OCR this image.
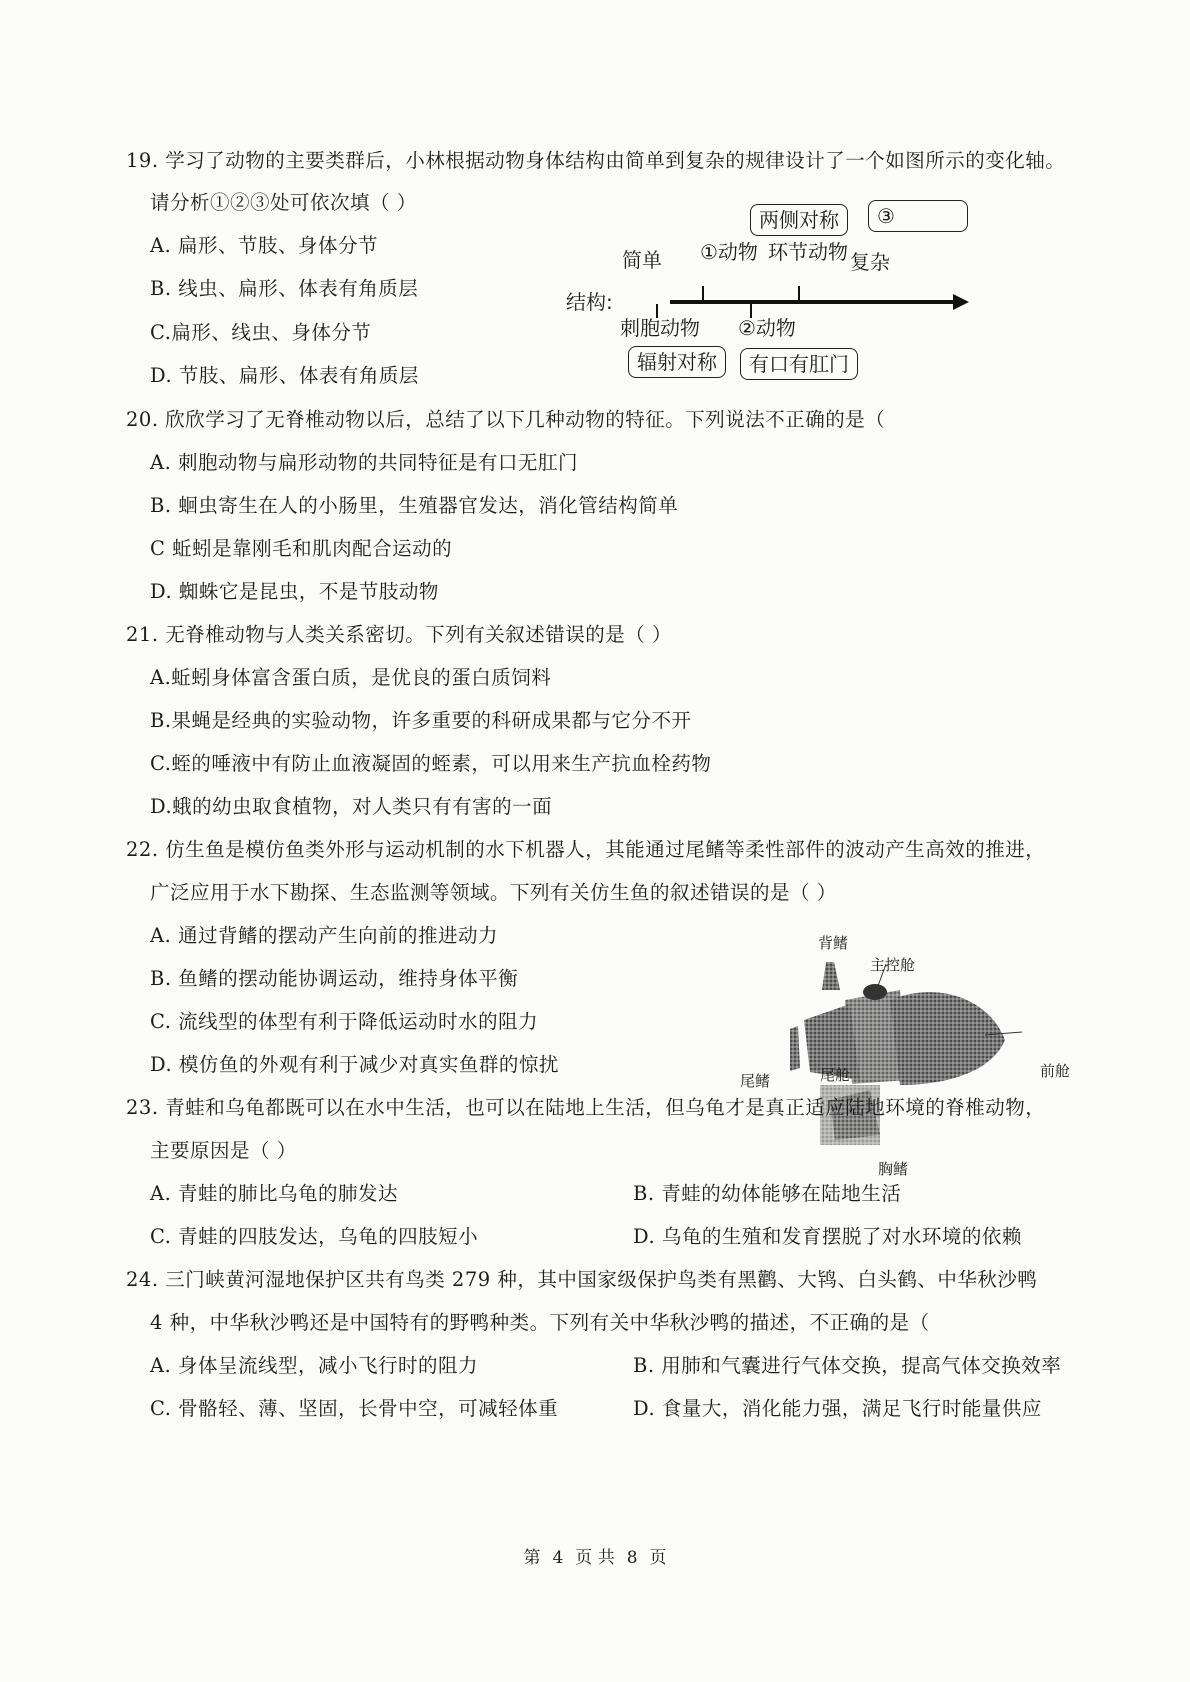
19. 学习了动物的主要类群后，小林根据动物身体结构由简单到复杂的规律设计了一个如图所示的变化轴。
请分析①②③处可依次填（ ）
A. 扁形、节肢、身体分节
B. 线虫、扁形、体表有角质层
C.扁形、线虫、身体分节
D. 节肢、扁形、体表有角质层
两侧对称	③
简单 ①动物 环节动物 复杂
结构:
刺胞动物 ②动物
辐射对称	有口有肛门
20. 欣欣学习了无脊椎动物以后，总结了以下几种动物的特征。下列说法不正确的是（
A. 刺胞动物与扁形动物的共同特征是有口无肛门
B. 蛔虫寄生在人的小肠里，生殖器官发达，消化管结构简单
C 蚯蚓是靠刚毛和肌肉配合运动的
D. 蜘蛛它是昆虫，不是节肢动物
21. 无脊椎动物与人类关系密切。下列有关叙述错误的是（ ）
A.蚯蚓身体富含蛋白质，是优良的蛋白质饲料
B.果蝇是经典的实验动物，许多重要的科研成果都与它分不开
C.蛭的唾液中有防止血液凝固的蛭素，可以用来生产抗血栓药物
D.蛾的幼虫取食植物，对人类只有有害的一面
22. 仿生鱼是模仿鱼类外形与运动机制的水下机器人，其能通过尾鳍等柔性部件的波动产生高效的推进，
广泛应用于水下勘探、生态监测等领域。下列有关仿生鱼的叙述错误的是（ ）
A. 通过背鳍的摆动产生向前的推进动力
B. 鱼鳍的摆动能协调运动，维持身体平衡
C. 流线型的体型有利于降低运动时水的阻力
D. 模仿鱼的外观有利于减少对真实鱼群的惊扰
背鳍
主控舱
尾鳍	尾舱	前舱
胸鳍
23. 青蛙和乌龟都既可以在水中生活，也可以在陆地上生活，但乌龟才是真正适应陆地环境的脊椎动物，
主要原因是（ ）
A. 青蛙的肺比乌龟的肺发达	B. 青蛙的幼体能够在陆地生活
C. 青蛙的四肢发达，乌龟的四肢短小	D. 乌龟的生殖和发育摆脱了对水环境的依赖
24. 三门峡黄河湿地保护区共有鸟类 279 种，其中国家级保护鸟类有黑鹳、大鸨、白头鹤、中华秋沙鸭
4 种，中华秋沙鸭还是中国特有的野鸭种类。下列有关中华秋沙鸭的描述，不正确的是（
A. 身体呈流线型，减小飞行时的阻力	B. 用肺和气囊进行气体交换，提高气体交换效率
C. 骨骼轻、薄、坚固，长骨中空，可减轻体重	D. 食量大，消化能力强，满足飞行时能量供应
第 4 页 共 8 页
